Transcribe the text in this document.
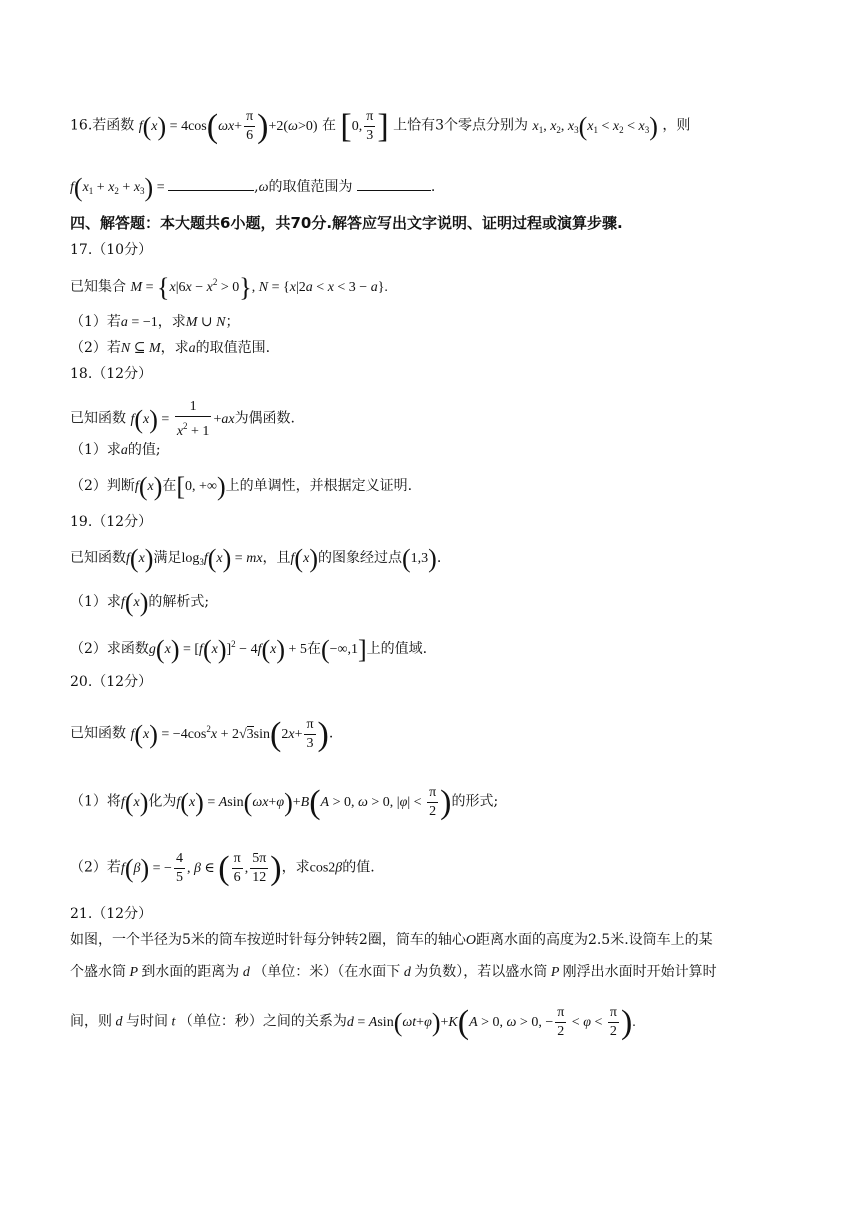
16.若函数 $f(x) = 4\cos(\omega x+ \frac{\pi}{6} )+2(\omega>0)$ 在 [0, $\frac{\pi}{3}$ ] 上恰有3个零点分别为 $x_1$, $x_2$, $x_3(x_1 < x_2 < x_3)$ ，则
$f(x_1 + x_2 + x_3)$ =	,ω的取值范围为	.
四、解答题：本大题共6小题，共70分.解答应写出文字说明、证明过程或演算步骤.
17.（10分）
已知集合 $M = \{x|6x - x^2 > 0\}$, N = {x|2a < x < 3 − a}.
（1）若a = −1，求M ∪ N；
（2）若N ⊆ M，求a的取值范围.
18.（12分）
已知函数 $f(x) = \frac{1}{x^2 + 1} +ax$为偶函数.
（1）求a的值;
（2）判断f(x)在[0, +∞)上的单调性，并根据定义证明.
19.（12分）
已知函数f(x)满足$\log_3f(x)$ = mx，且f(x)的图象经过点(1,3).
（1）求f(x)的解析式;
（2）求函数$g(x) = [f(x)]^2 - 4f(x) + 5$在(−∞,1]上的值域.
20.（12分）
已知函数 $f(x) = -4\cos^2x + 2√3\sin(2x+ \frac{\pi}{3}$ ).
（1）将f(x)化为f(x) = Asin(ωx+φ)+B(A > 0, ω > 0, $|\varphi| < \frac{\pi}{2}$ )的形式;
（2）若f(β) = − $\frac{4}{5}$ , β ∈ ( $\frac{\pi}{6}$ , $\frac{5\pi}{12}$ )，求cos2β的值.
21.（12分）
如图，一个半径为5米的筒车按逆时针每分钟转2圈，筒车的轴心O距离水面的高度为2.5米.设筒车上的某
个盛水筒 P 到水面的距离为 d （单位：米）（在水面下 d 为负数），若以盛水筒 P 刚浮出水面时开始计算时
间，则 d 与时间 t （单位：秒）之间的关系为d = Asin(ωt+φ)+K(A > 0, ω > 0, − $\frac{\pi}{2} < \varphi < \frac{\pi}{2}$ ).
